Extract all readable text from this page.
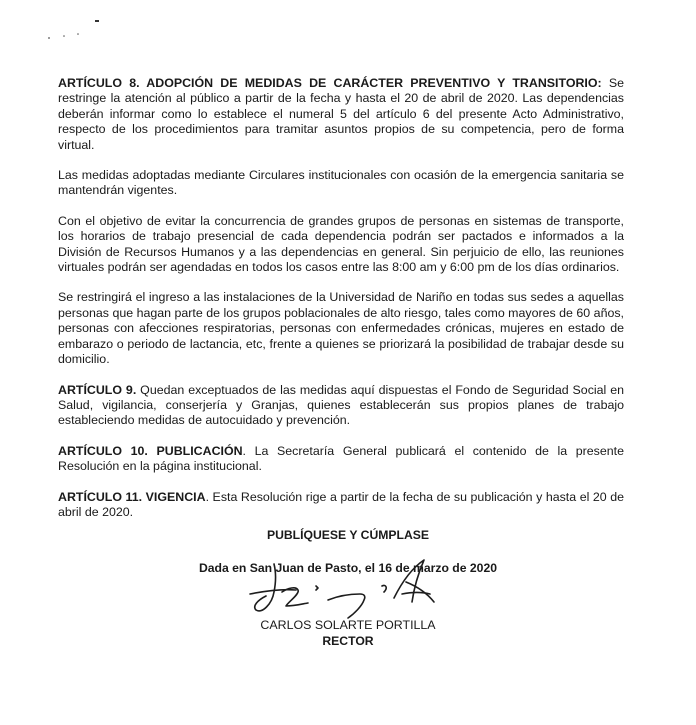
ARTÍCULO 8. ADOPCIÓN DE MEDIDAS DE CARÁCTER PREVENTIVO Y TRANSITORIO: Se restringe la atención al público a partir de la fecha y hasta el 20 de abril de 2020. Las dependencias deberán informar como lo establece el numeral 5 del artículo 6 del presente Acto Administrativo, respecto de los procedimientos para tramitar asuntos propios de su competencia, pero de forma virtual.

Las medidas adoptadas mediante Circulares institucionales con ocasión de la emergencia sanitaria se mantendrán vigentes.

Con el objetivo de evitar la concurrencia de grandes grupos de personas en sistemas de transporte, los horarios de trabajo presencial de cada dependencia podrán ser pactados e informados a la División de Recursos Humanos y a las dependencias en general. Sin perjuicio de ello, las reuniones virtuales podrán ser agendadas en todos los casos entre las 8:00 am y 6:00 pm de los días ordinarios.

Se restringirá el ingreso a las instalaciones de la Universidad de Nariño en todas sus sedes a aquellas personas que hagan parte de los grupos poblacionales de alto riesgo, tales como mayores de 60 años, personas con afecciones respiratorias, personas con enfermedades crónicas, mujeres en estado de embarazo o periodo de lactancia, etc, frente a quienes se priorizará la posibilidad de trabajar desde su domicilio.

ARTÍCULO 9. Quedan exceptuados de las medidas aquí dispuestas el Fondo de Seguridad Social en Salud, vigilancia, conserjería y Granjas, quienes establecerán sus propios planes de trabajo estableciendo medidas de autocuidado y prevención.

ARTÍCULO 10. PUBLICACIÓN. La Secretaría General publicará el contenido de la presente Resolución en la página institucional.

ARTÍCULO 11. VIGENCIA. Esta Resolución rige a partir de la fecha de su publicación y hasta el 20 de abril de 2020.

PUBLÍQUESE Y CÚMPLASE
Dada en San Juan de Pasto, el 16 de marzo de 2020
CARLOS SOLARTE PORTILLA
RECTOR
